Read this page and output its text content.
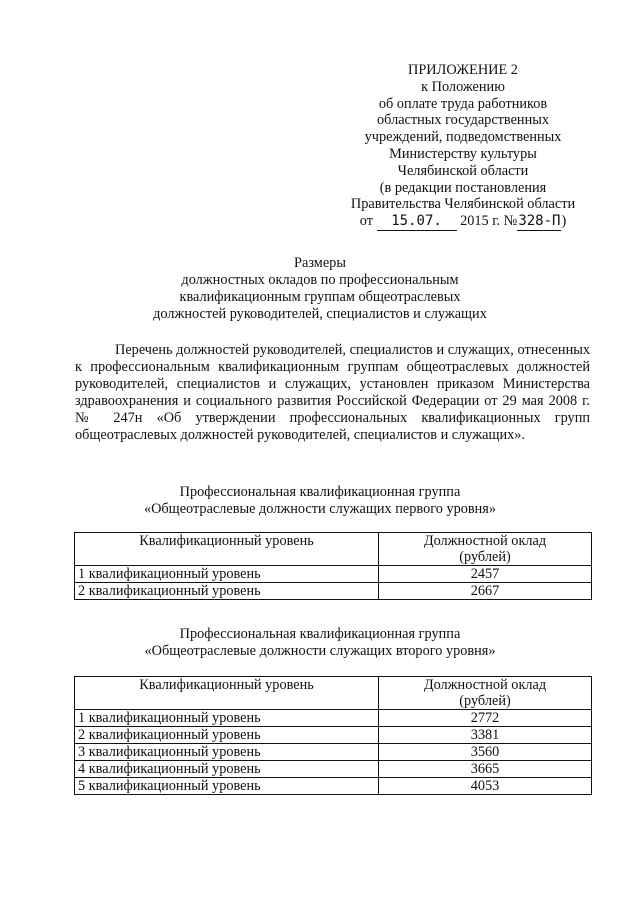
ПРИЛОЖЕНИЕ 2
к Положению
об оплате труда работников
областных государственных
учреждений, подведомственных
Министерству культуры
Челябинской области
(в редакции постановления
Правительства Челябинской области
от 15.07. 2015 г. №328-П)
Размеры
должностных окладов по профессиональным
квалификационным группам общеотраслевых
должностей руководителей, специалистов и служащих
Перечень должностей руководителей, специалистов и служащих, отнесенных к профессиональным квалификационным группам общеотраслевых должностей руководителей, специалистов и служащих, установлен приказом Министерства здравоохранения и социального развития Российской Федерации от 29 мая 2008 г. № 247н «Об утверждении профессиональных квалификационных групп общеотраслевых должностей руководителей, специалистов и служащих».
Профессиональная квалификационная группа
«Общеотраслевые должности служащих первого уровня»
Квалификационный уровень	Должностной оклад
(рублей)

1 квалификационный уровень	2457
2 квалификационный уровень	2667
Профессиональная квалификационная группа
«Общеотраслевые должности служащих второго уровня»
Квалификационный уровень	Должностной оклад
(рублей)

1 квалификационный уровень	2772
2 квалификационный уровень	3381
3 квалификационный уровень	3560
4 квалификационный уровень	3665
5 квалификационный уровень	4053
